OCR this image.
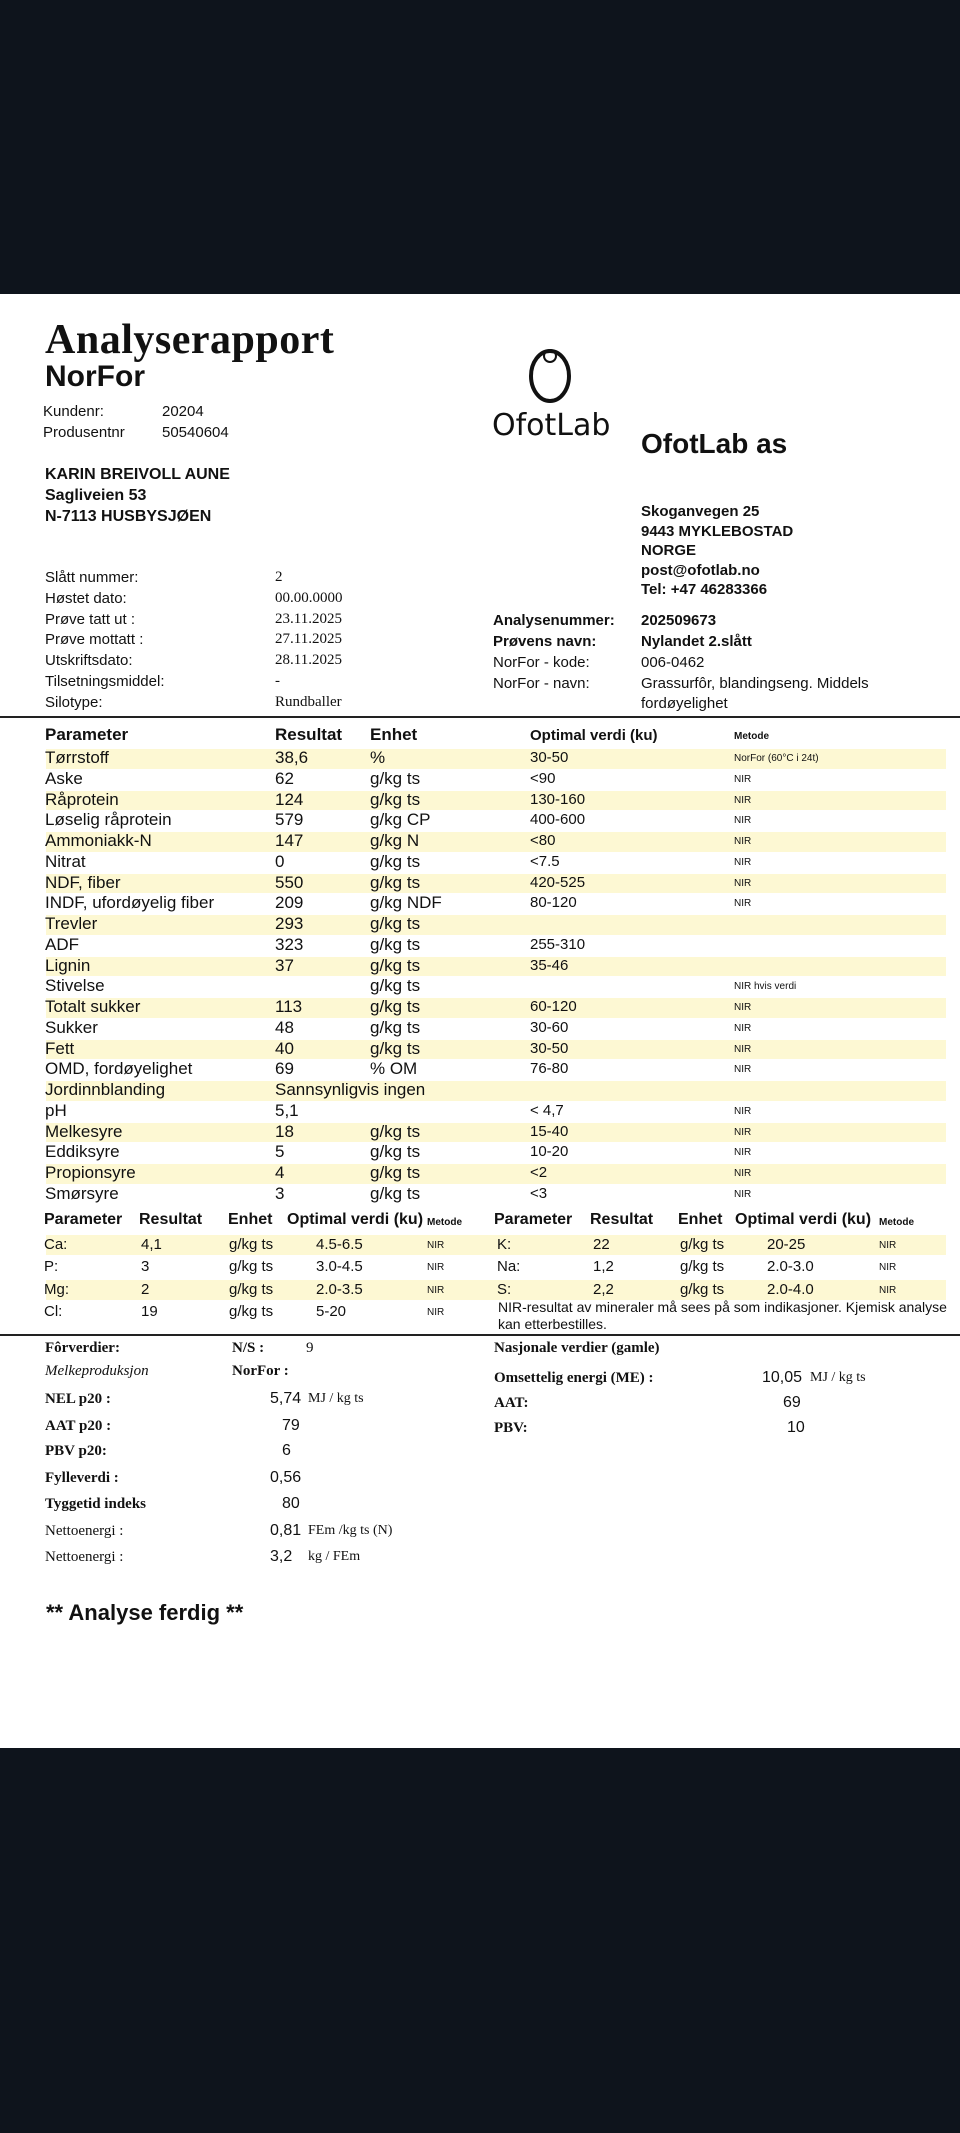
Analyserapport
NorFor
Kundenr:	20204
Produsentnr 50540604
KARIN BREIVOLL AUNE
Sagliveien 53
N-7113 HUSBYSJØEN
OfotLab
OfotLab as
Skoganvegen 25
9443 MYKLEBOSTAD
NORGE
post@ofotlab.no
Tel: +47 46283366
Slått nummer:	2
Høstet dato:	00.00.0000
Prøve tatt ut :	23.11.2025
Prøve mottatt :	27.11.2025
Utskriftsdato:	28.11.2025
Tilsetningsmiddel:	-
Silotype:	Rundballer
Analysenummer: 202509673
Prøvens navn:	Nylandet 2.slått
NorFor - kode:	006-0462
NorFor - navn:	Grassurfôr, blandingseng. Middels
fordøyelighet
Parameter	Resultat Enhet	Optimal verdi (ku)	Metode
Tørrstoff	38,6	%	30-50	NorFor (60°C i 24t)
Aske	62	g/kg ts	<90	NIR
Råprotein	124	g/kg ts	130-160	NIR
Løselig råprotein	579	g/kg CP	400-600	NIR
Ammoniakk-N	147	g/kg N	<80	NIR
Nitrat	0	g/kg ts	<7.5	NIR
NDF, fiber	550	g/kg ts	420-525	NIR
INDF, ufordøyelig fiber	209	g/kg NDF	80-120	NIR
Trevler	293	g/kg ts
ADF	323	g/kg ts	255-310
Lignin	37	g/kg ts	35-46
Stivelse	g/kg ts	NIR hvis verdi
Totalt sukker	113	g/kg ts	60-120	NIR
Sukker	48	g/kg ts	30-60	NIR
Fett	40	g/kg ts	30-50	NIR
OMD, fordøyelighet	69	% OM	76-80	NIR
Jordinnblanding	Sannsynligvis ingen
pH	5,1	< 4,7	NIR
Melkesyre	18	g/kg ts	15-40	NIR
Eddiksyre	5	g/kg ts	10-20	NIR
Propionsyre	4	g/kg ts	<2	NIR
Smørsyre	3	g/kg ts	<3	NIR
Parameter Resultat Enhet Optimal verdi (ku) Metode Parameter Resultat Enhet Optimal verdi (ku) Metode
Ca:	4,1	g/kg ts	4.5-6.5	NIR
P:	3	g/kg ts	3.0-4.5	NIR
Mg:	2	g/kg ts	2.0-3.5	NIR
Cl:	19	g/kg ts	5-20	NIR
K:	22	g/kg ts	20-25	NIR
Na:	1,2	g/kg ts	2.0-3.0	NIR
S:	2,2	g/kg ts	2.0-4.0	NIR
NIR-resultat av mineraler må sees på som indikasjoner. Kjemisk analyse
kan etterbestilles.
Fôrverdier:	N/S :	9
Melkeproduksjon	NorFor :
NEL p20 :	5,74 MJ / kg ts
AAT p20 :	79
PBV p20:	6
Fylleverdi :	0,56
Tyggetid indeks	80
Nettoenergi :	0,81 FEm /kg ts (N)
Nettoenergi :	3,2 kg / FEm
Nasjonale verdier (gamle)
Omsettelig energi (ME) :	10,05 MJ / kg ts
AAT:	69
PBV:	10
** Analyse ferdig **
